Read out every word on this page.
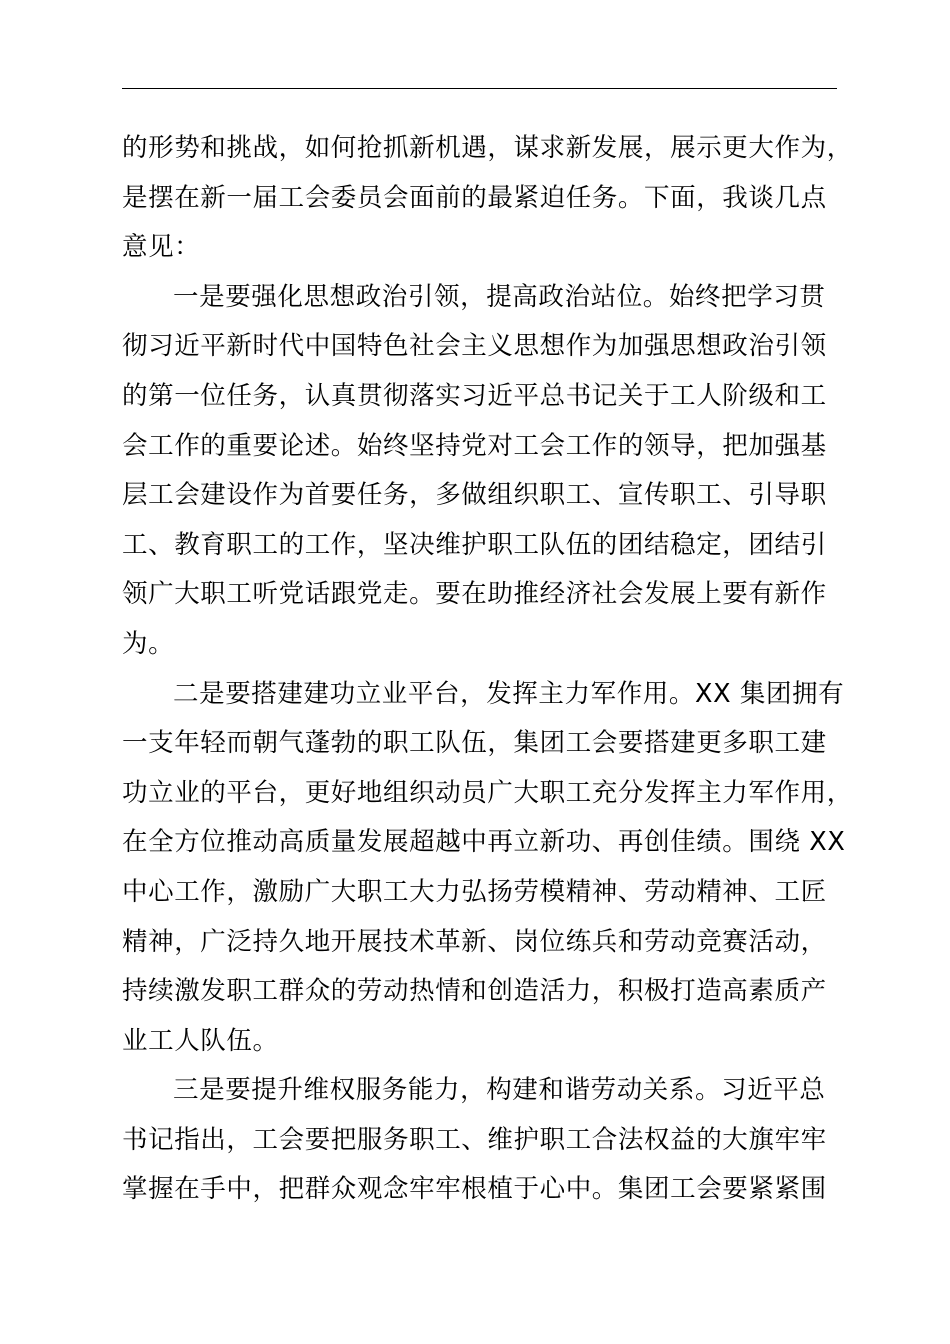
的形势和挑战，如何抢抓新机遇，谋求新发展，展示更大作为，
是摆在新一届工会委员会面前的最紧迫任务。下面，我谈几点
意见：
一是要强化思想政治引领，提高政治站位。始终把学习贯
彻习近平新时代中国特色社会主义思想作为加强思想政治引领
的第一位任务，认真贯彻落实习近平总书记关于工人阶级和工
会工作的重要论述。始终坚持党对工会工作的领导，把加强基
层工会建设作为首要任务，多做组织职工、宣传职工、引导职
工、教育职工的工作，坚决维护职工队伍的团结稳定，团结引
领广大职工听党话跟党走。要在助推经济社会发展上要有新作
为。
二是要搭建建功立业平台，发挥主力军作用。XX 集团拥有
一支年轻而朝气蓬勃的职工队伍，集团工会要搭建更多职工建
功立业的平台，更好地组织动员广大职工充分发挥主力军作用，
在全方位推动高质量发展超越中再立新功、再创佳绩。围绕 XX
中心工作，激励广大职工大力弘扬劳模精神、劳动精神、工匠
精神，广泛持久地开展技术革新、岗位练兵和劳动竞赛活动，
持续激发职工群众的劳动热情和创造活力，积极打造高素质产
业工人队伍。
三是要提升维权服务能力，构建和谐劳动关系。习近平总
书记指出，工会要把服务职工、维护职工合法权益的大旗牢牢
掌握在手中，把群众观念牢牢根植于心中。集团工会要紧紧围
